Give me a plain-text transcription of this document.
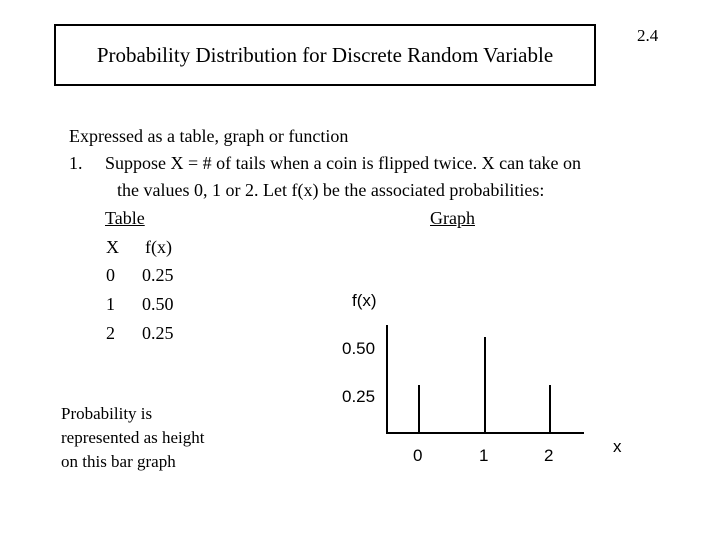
Probability Distribution for Discrete Random Variable
2.4
Expressed as a table, graph or function
1. Suppose X = # of tails when a coin is flipped twice. X can take on
the values 0, 1 or 2. Let f(x) be the associated probabilities:
Table	Graph
X f(x)
0 0.25
1 0.50
2 0.25
Probability is
represented as height
on this bar graph
f(x)
x
0.50
0.25
0	1	2
